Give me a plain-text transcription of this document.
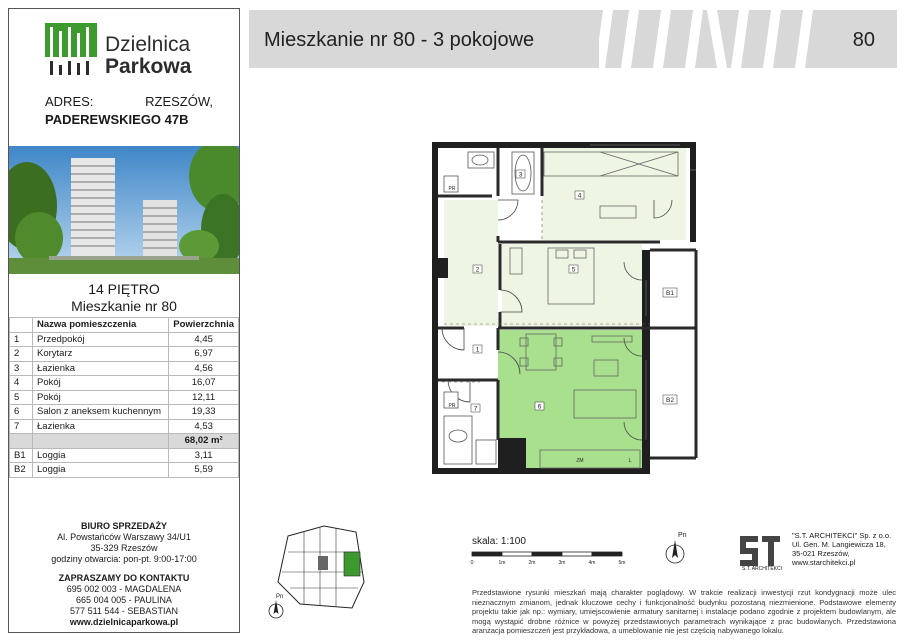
Dzielnica
Parkowa
ADRES:	RZESZÓW,
PADEREWSKIEGO 47B
14 PIĘTRO
Mieszkanie nr 80
	Nazwa pomieszczenia	Powierzchnia
1	Przedpokój	4,45
2	Korytarz	6,97
3	Łazienka	4,56
4	Pokój	16,07
5	Pokój	12,11
6	Salon z aneksem kuchennym	19,33
7	Łazienka	4,53
		68,02 m²
B1	Loggia	3,11
B2	Loggia	5,59
BIURO SPRZEDAŻY
Al. Powstańców Warszawy 34/U1
35-329 Rzeszów
godziny otwarcia: pon-pt. 9:00-17:00
ZAPRASZAMY DO KONTAKTU
695 002 003 - MAGDALENA
665 004 005 - PAULINA
577 511 544 - SEBASTIAN
www.dzielnicaparkowa.pl
Mieszkanie nr 80 - 3 pokojowe	80
3
4
5
2
1
6
7
B1
B2
PR
PR
ZM	L
skala: 1:100
0	1m	2m	3m	4m	5m
Pn
S.T. ARCHITEKCI
"S.T. ARCHITEKCI" Sp. z o.o.
Ul. Gen. M. Langiewicza 18,
35-021 Rzeszów,
www.starchitekci.pl
Przedstawione rysunki mieszkań mają charakter poglądowy. W trakcie realizacji inwestycji rzut kondygnacji może ulec nieznacznym zmianom, jednak kluczowe cechy i funkcjonalność budynku pozostaną niezmienione. Podstawowe elementy projektu takie jak np.: wymiary, umiejscowienie armatury sanitarnej i instalacje podano zgodnie z projektem budowlanym, ale mogą wystąpić drobne różnice w powyżej przedstawionych parametrach wynikające z prac budowlanych. Przedstawiona aranżacja pomieszczeń jest przykładowa, a umeblowanie nie jest częścią nabywanego lokalu.
Pn
